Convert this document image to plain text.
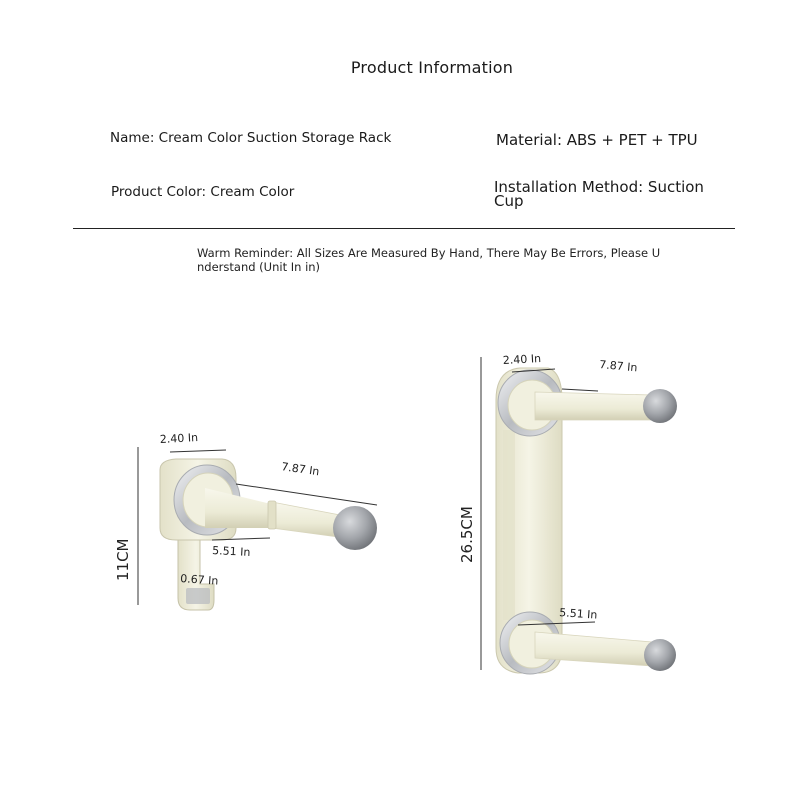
Product Information
Name: Cream Color Suction Storage Rack
Product Color: Cream Color
Material: ABS + PET + TPU
Installation Method: Suction Cup
Warm Reminder: All Sizes Are Measured By Hand, There May Be Errors, Please Understand (Unit In in)
11CM
2.40 In
7.87 In
5.51 In
0.67 In
26.5CM
2.40 In	7.87 In
5.51 In
